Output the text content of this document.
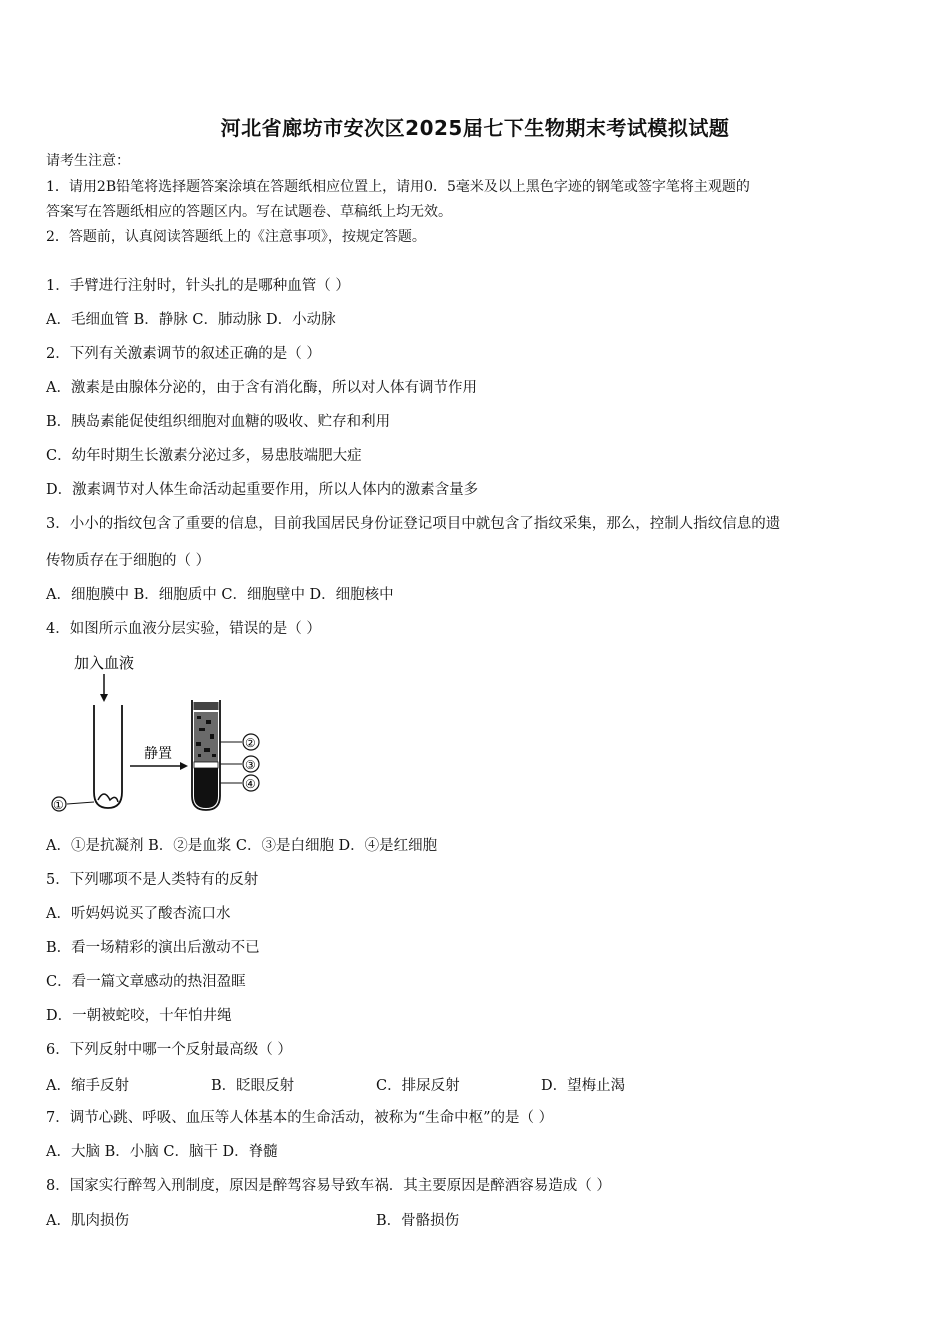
河北省廊坊市安次区2025届七下生物期末考试模拟试题
请考生注意：
1．请用2B铅笔将选择题答案涂填在答题纸相应位置上，请用0．5毫米及以上黑色字迹的钢笔或签字笔将主观题的
答案写在答题纸相应的答题区内。写在试题卷、草稿纸上均无效。
2．答题前，认真阅读答题纸上的《注意事项》，按规定答题。
1．手臂进行注射时，针头扎的是哪种血管（ ）
A．毛细血管 B．静脉 C．肺动脉 D．小动脉
2．下列有关激素调节的叙述正确的是（ ）
A．激素是由腺体分泌的，由于含有消化酶，所以对人体有调节作用
B．胰岛素能促使组织细胞对血糖的吸收、贮存和利用
C．幼年时期生长激素分泌过多，易患肢端肥大症
D．激素调节对人体生命活动起重要作用，所以人体内的激素含量多
3．小小的指纹包含了重要的信息，目前我国居民身份证登记项目中就包含了指纹采集，那么，控制人指纹信息的遗
传物质存在于细胞的（ ）
A．细胞膜中 B．细胞质中 C．细胞壁中 D．细胞核中
4．如图所示血液分层实验，错误的是（ ）
加入血液
①
静置
②
③
④
A．①是抗凝剂 B．②是血浆 C．③是白细胞 D．④是红细胞
5．下列哪项不是人类特有的反射
A．听妈妈说买了酸杏流口水
B．看一场精彩的演出后激动不已
C．看一篇文章感动的热泪盈眶
D．一朝被蛇咬，十年怕井绳
6．下列反射中哪一个反射最高级（ ）
A．缩手反射	B．眨眼反射	C．排尿反射	D．望梅止渴
7．调节心跳、呼吸、血压等人体基本的生命活动，被称为“生命中枢”的是（ ）
A．大脑 B．小脑 C．脑干 D．脊髓
8．国家实行醉驾入刑制度，原因是醉驾容易导致车祸．其主要原因是醉酒容易造成（ ）
A．肌肉损伤	B．骨骼损伤
